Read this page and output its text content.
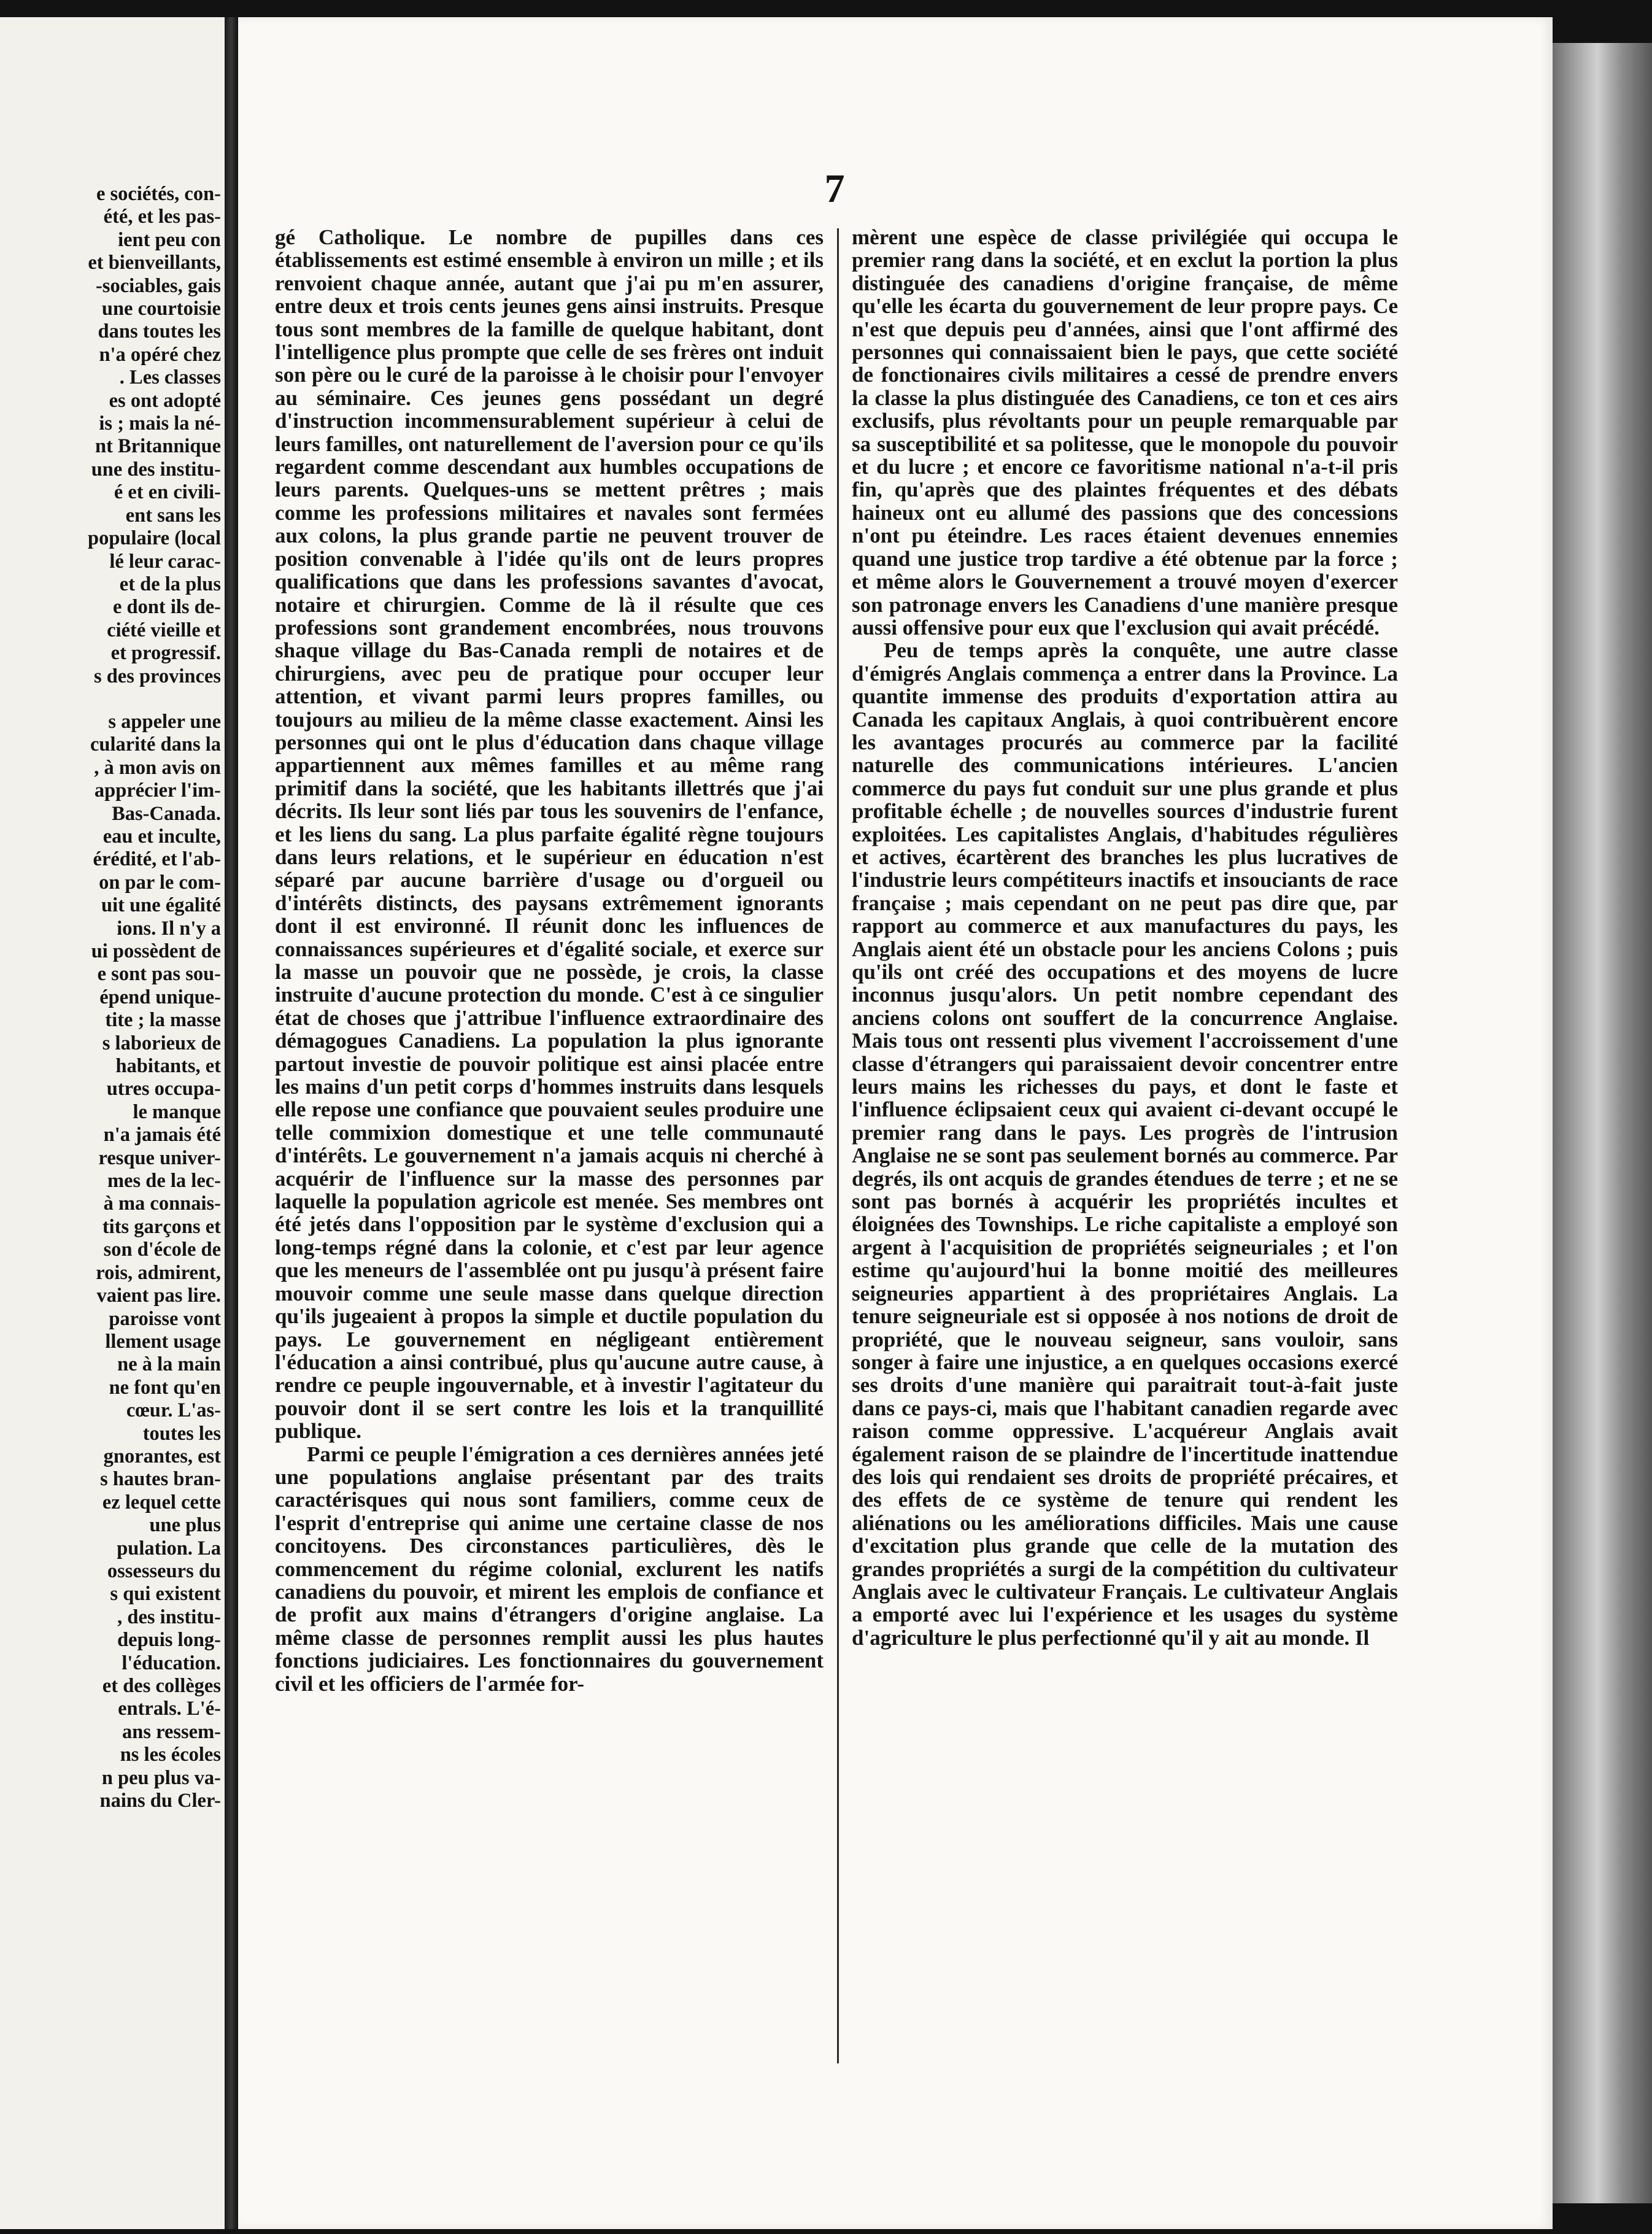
e sociétés, con-
été, et les pas-
ient peu con
et bienveillants,
-sociables, gais
une courtoisie
dans toutes les
n'a opéré chez
. Les classes
es ont adopté
is ; mais la né-
nt Britannique
une des institu-
é et en civili-
ent sans les
populaire (local
lé leur carac-
et de la plus
e dont ils de-
ciété vieille et
et progressif.
s des provinces
s appeler une
cularité dans la
, à mon avis on
apprécier l'im-
Bas-Canada.
eau et inculte,
érédité, et l'ab-
on par le com-
uit une égalité
ions. Il n'y a
ui possèdent de
e sont pas sou-
épend unique-
tite ; la masse
s laborieux de
habitants, et
utres occupa-
le manque
n'a jamais été
resque univer-
mes de la lec-
à ma connais-
tits garçons et
son d'école de
rois, admirent,
vaient pas lire.
paroisse vont
llement usage
ne à la main
ne font qu'en
cœur. L'as-
toutes les
gnorantes, est
s hautes bran-
ez lequel cette
une plus
pulation. La
ossesseurs du
s qui existent
, des institu-
depuis long-
l'éducation.
et des collèges
entrals. L'é-
ans ressem-
ns les écoles
n peu plus va-
nains du Cler-
7

gé Catholique. Le nombre de pupilles dans ces établissements est estimé ensemble à environ un mille ; et ils renvoient chaque année, autant que j'ai pu m'en assurer, entre deux et trois cents jeunes gens ainsi instruits. Presque tous sont membres de la famille de quelque habitant, dont l'intelligence plus prompte que celle de ses frères ont induit son père ou le curé de la paroisse à le choisir pour l'envoyer au séminaire. Ces jeunes gens possédant un degré d'instruction incommensurablement supérieur à celui de leurs familles, ont naturellement de l'aversion pour ce qu'ils regardent comme descendant aux humbles occupations de leurs parents. Quelques-uns se mettent prêtres ; mais comme les professions militaires et navales sont fermées aux colons, la plus grande partie ne peuvent trouver de position convenable à l'idée qu'ils ont de leurs propres qualifications que dans les professions savantes d'avocat, notaire et chirurgien. Comme de là il résulte que ces professions sont grandement encombrées, nous trouvons shaque village du Bas-Canada rempli de notaires et de chirurgiens, avec peu de pratique pour occuper leur attention, et vivant parmi leurs propres familles, ou toujours au milieu de la même classe exactement. Ainsi les personnes qui ont le plus d'éducation dans chaque village appartiennent aux mêmes familles et au même rang primitif dans la société, que les habitants illettrés que j'ai décrits. Ils leur sont liés par tous les souvenirs de l'enfance, et les liens du sang. La plus parfaite égalité règne toujours dans leurs relations, et le supérieur en éducation n'est séparé par aucune barrière d'usage ou d'orgueil ou d'intérêts distincts, des paysans extrêmement ignorants dont il est environné. Il réunit donc les influences de connaissances supérieures et d'égalité sociale, et exerce sur la masse un pouvoir que ne possède, je crois, la classe instruite d'aucune protection du monde. C'est à ce singulier état de choses que j'attribue l'influence extraordinaire des démagogues Canadiens. La population la plus ignorante partout investie de pouvoir politique est ainsi placée entre les mains d'un petit corps d'hommes instruits dans lesquels elle repose une confiance que pouvaient seules produire une telle commixion domestique et une telle communauté d'intérêts. Le gouvernement n'a jamais acquis ni cherché à acquérir de l'influence sur la masse des personnes par laquelle la population agricole est menée. Ses membres ont été jetés dans l'opposition par le système d'exclusion qui a long-temps régné dans la colonie, et c'est par leur agence que les meneurs de l'assemblée ont pu jusqu'à présent faire mouvoir comme une seule masse dans quelque direction qu'ils jugeaient à propos la simple et ductile population du pays. Le gouvernement en négligeant entièrement l'éducation a ainsi contribué, plus qu'aucune autre cause, à rendre ce peuple ingouvernable, et à investir l'agitateur du pouvoir dont il se sert contre les lois et la tranquillité publique.

Parmi ce peuple l'émigration a ces dernières années jeté une populations anglaise présentant par des traits caractérisques qui nous sont familiers, comme ceux de l'esprit d'entreprise qui anime une certaine classe de nos concitoyens. Des circonstances particulières, dès le commencement du régime colonial, exclurent les natifs canadiens du pouvoir, et mirent les emplois de confiance et de profit aux mains d'étrangers d'origine anglaise. La même classe de personnes remplit aussi les plus hautes fonctions judiciaires. Les fonctionnaires du gouvernement civil et les officiers de l'armée for-

mèrent une espèce de classe privilégiée qui occupa le premier rang dans la société, et en exclut la portion la plus distinguée des canadiens d'origine française, de même qu'elle les écarta du gouvernement de leur propre pays. Ce n'est que depuis peu d'années, ainsi que l'ont affirmé des personnes qui connaissaient bien le pays, que cette société de fonctionaires civils militaires a cessé de prendre envers la classe la plus distinguée des Canadiens, ce ton et ces airs exclusifs, plus révoltants pour un peuple remarquable par sa susceptibilité et sa politesse, que le monopole du pouvoir et du lucre ; et encore ce favoritisme national n'a-t-il pris fin, qu'après que des plaintes fréquentes et des débats haineux ont eu allumé des passions que des concessions n'ont pu éteindre. Les races étaient devenues ennemies quand une justice trop tardive a été obtenue par la force ; et même alors le Gouvernement a trouvé moyen d'exercer son patronage envers les Canadiens d'une manière presque aussi offensive pour eux que l'exclusion qui avait précédé.

Peu de temps après la conquête, une autre classe d'émigrés Anglais commença a entrer dans la Province. La quantite immense des produits d'exportation attira au Canada les capitaux Anglais, à quoi contribuèrent encore les avantages procurés au commerce par la facilité naturelle des communications intérieures. L'ancien commerce du pays fut conduit sur une plus grande et plus profitable échelle ; de nouvelles sources d'industrie furent exploitées. Les capitalistes Anglais, d'habitudes régulières et actives, écartèrent des branches les plus lucratives de l'industrie leurs compétiteurs inactifs et insouciants de race française ; mais cependant on ne peut pas dire que, par rapport au commerce et aux manufactures du pays, les Anglais aient été un obstacle pour les anciens Colons ; puis qu'ils ont créé des occupations et des moyens de lucre inconnus jusqu'alors. Un petit nombre cependant des anciens colons ont souffert de la concurrence Anglaise. Mais tous ont ressenti plus vivement l'accroissement d'une classe d'étrangers qui paraissaient devoir concentrer entre leurs mains les richesses du pays, et dont le faste et l'influence éclipsaient ceux qui avaient ci-devant occupé le premier rang dans le pays. Les progrès de l'intrusion Anglaise ne se sont pas seulement bornés au commerce. Par degrés, ils ont acquis de grandes étendues de terre ; et ne se sont pas bornés à acquérir les propriétés incultes et éloignées des Townships. Le riche capitaliste a employé son argent à l'acquisition de propriétés seigneuriales ; et l'on estime qu'aujourd'hui la bonne moitié des meilleures seigneuries appartient à des propriétaires Anglais. La tenure seigneuriale est si opposée à nos notions de droit de propriété, que le nouveau seigneur, sans vouloir, sans songer à faire une injustice, a en quelques occasions exercé ses droits d'une manière qui paraitrait tout-à-fait juste dans ce pays-ci, mais que l'habitant canadien regarde avec raison comme oppressive. L'acquéreur Anglais avait également raison de se plaindre de l'incertitude inattendue des lois qui rendaient ses droits de propriété précaires, et des effets de ce système de tenure qui rendent les aliénations ou les améliorations difficiles. Mais une cause d'excitation plus grande que celle de la mutation des grandes propriétés a surgi de la compétition du cultivateur Anglais avec le cultivateur Français. Le cultivateur Anglais a emporté avec lui l'expérience et les usages du système d'agriculture le plus perfectionné qu'il y ait au monde. Il
